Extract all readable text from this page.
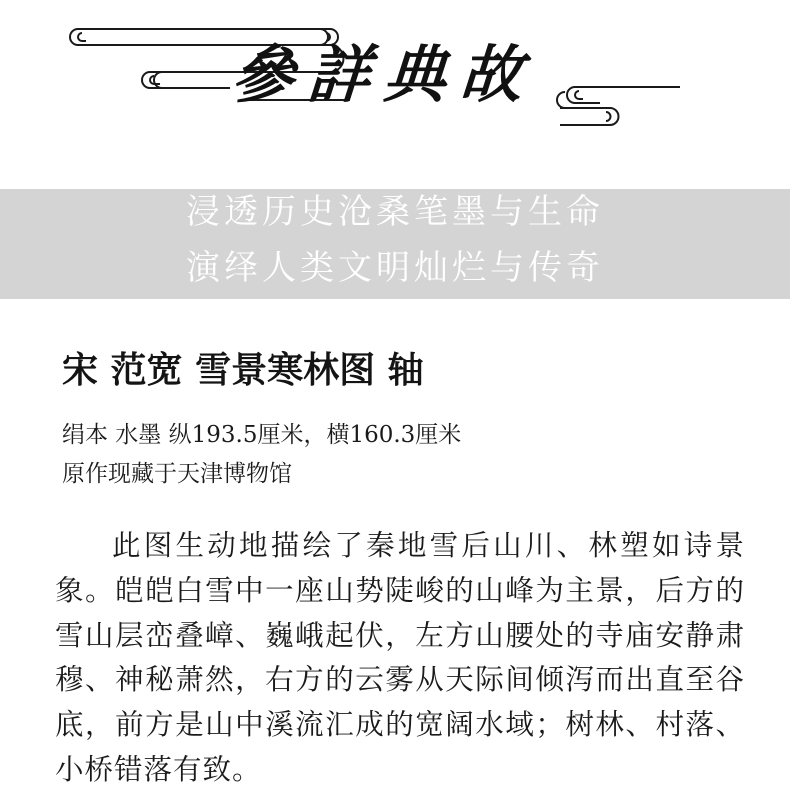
參詳典故
浸透历史沧桑笔墨与生命
演绎人类文明灿烂与传奇
宋 范宽 雪景寒林图 轴
绢本 水墨 纵193.5厘米，横160.3厘米
原作现藏于天津博物馆
此图生动地描绘了秦地雪后山川、林塑如诗景象。皑皑白雪中一座山势陡峻的山峰为主景，后方的雪山层峦叠嶂、巍峨起伏，左方山腰处的寺庙安静肃穆、神秘萧然，右方的云雾从天际间倾泻而出直至谷底，前方是山中溪流汇成的宽阔水域；树林、村落、小桥错落有致。
